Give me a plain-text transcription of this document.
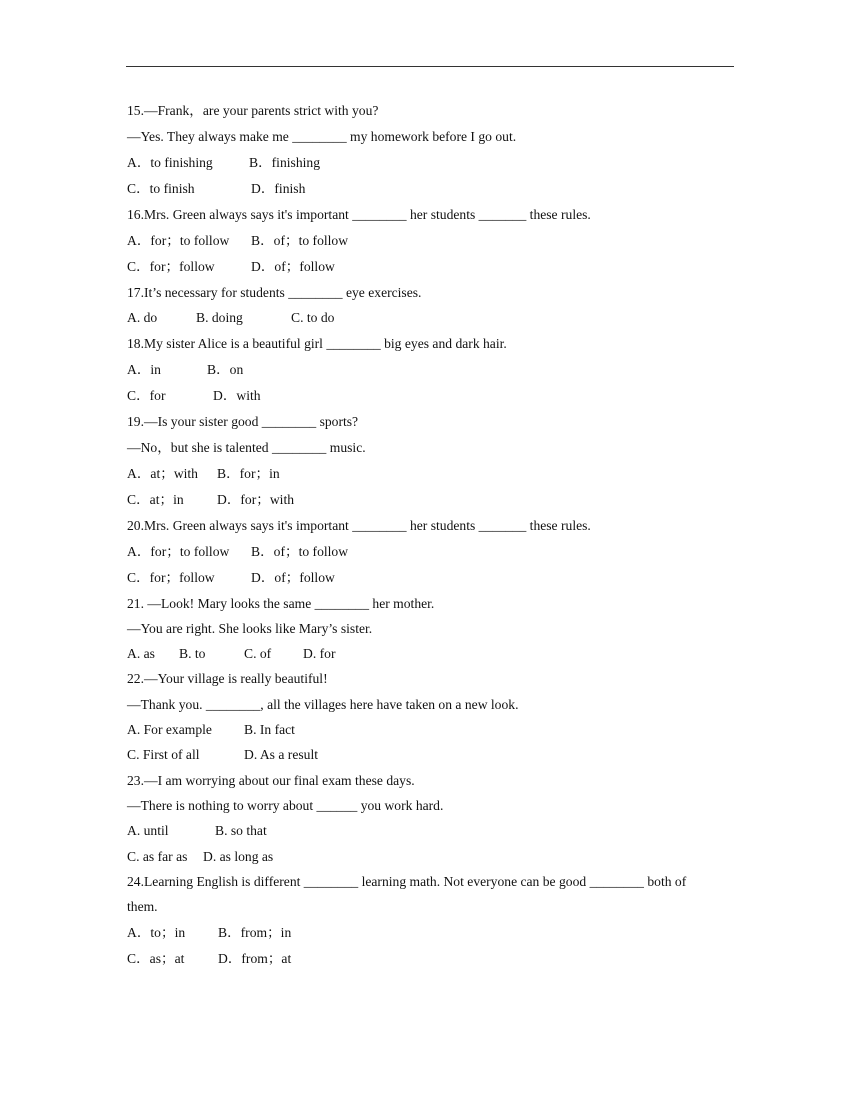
15.—Frank，are your parents strict with you?
—Yes. They always make me ________ my homework before I go out.
A．to finishing	B．finishing
C．to finish	D．finish
16.Mrs. Green always says it's important ________ her students _______ these rules.
A．for；to follow B．of；to follow
C．for；follow	D．of；follow
17.It’s necessary for students ________ eye exercises.
A. do	B. doing	C. to do
18.My sister Alice is a beautiful girl ________ big eyes and dark hair.
A．in	B．on
C．for	D．with
19.—Is your sister good ________ sports?
—No，but she is talented ________ music.
A．at；with B．for；in
C．at；in D．for；with
20.Mrs. Green always says it's important ________ her students _______ these rules.
A．for；to follow B．of；to follow
C．for；follow	D．of；follow
21. —Look! Mary looks the same ________ her mother.
—You are right. She looks like Mary’s sister.
A. as B. to	C. of D. for
22.—Your village is really beautiful!
—Thank you. ________, all the villages here have taken on a new look.
A. For example B. In fact
C. First of all	D. As a result
23.—I am worrying about our final exam these days.
—There is nothing to worry about ______ you work hard.
A. until	B. so that
C. as far as D. as long as
24.Learning English is different ________ learning math. Not everyone can be good ________ both of
them.
A．to；in B．from；in
C．as；at D．from；at
